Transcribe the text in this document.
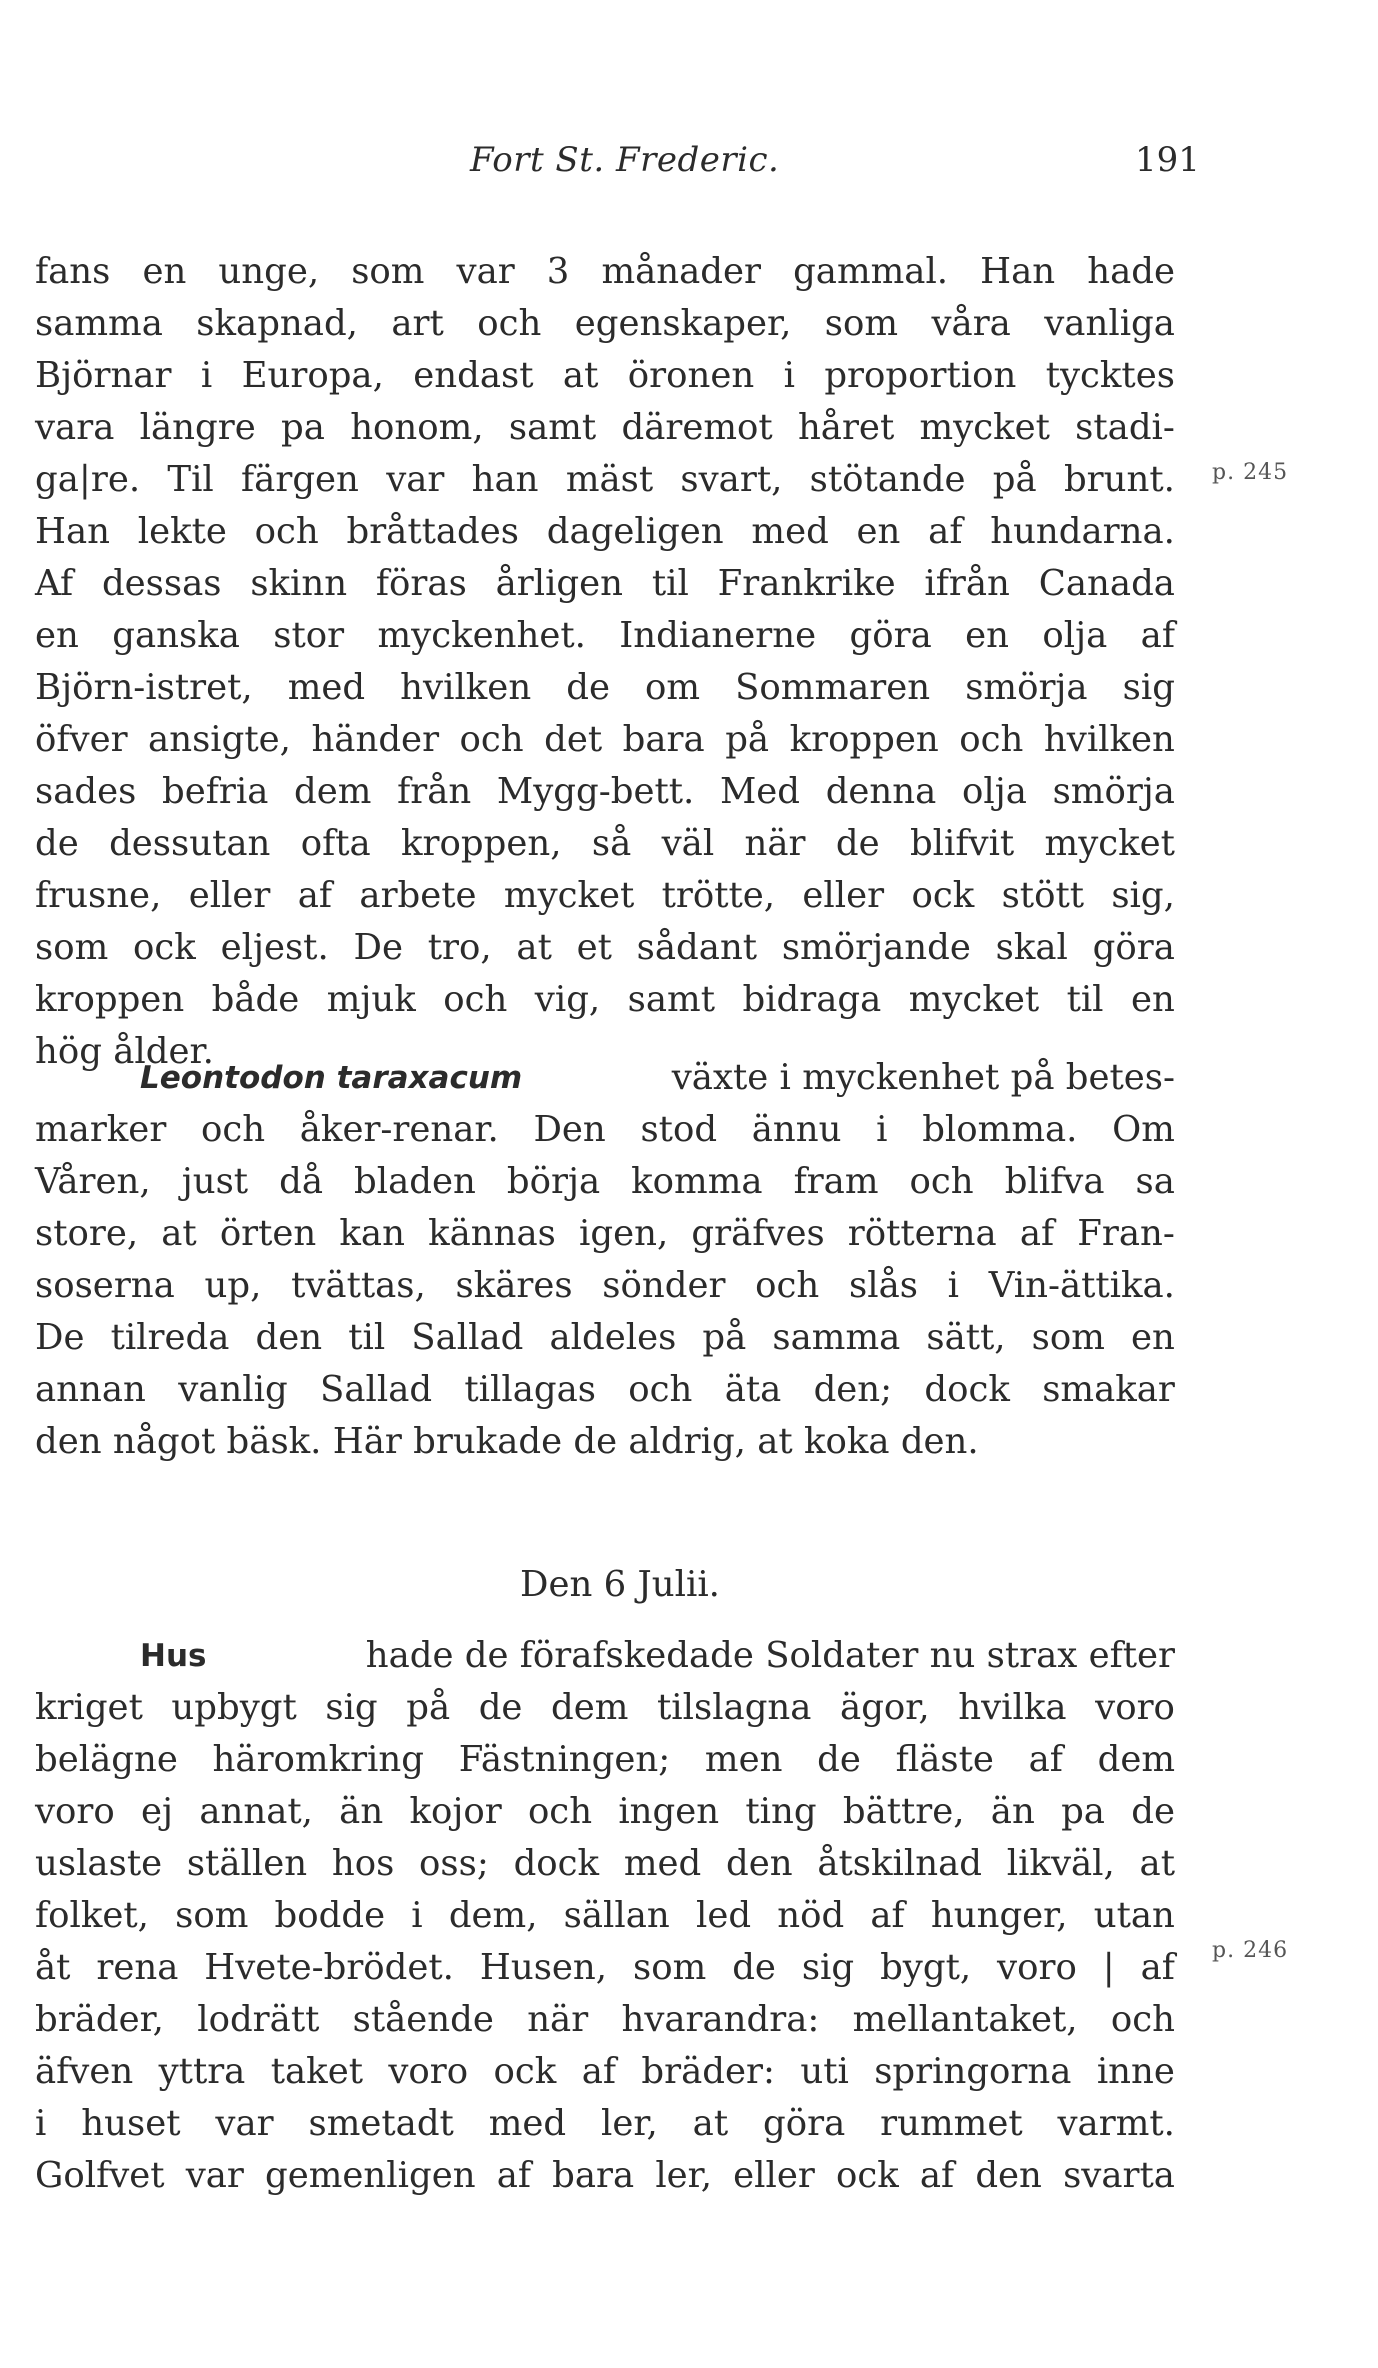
Fort St. Frederic.	191
fans en unge, som var 3 månader gammal. Han hade
samma skapnad, art och egenskaper, som våra vanliga
Björnar i Europa, endast at öronen i proportion tycktes
vara längre pa honom, samt däremot håret mycket stadi-
ga|re. Til färgen var han mäst svart, stötande på brunt.
Han lekte och bråttades dageligen med en af hundarna.
Af dessas skinn föras årligen til Frankrike ifrån Canada
en ganska stor myckenhet. Indianerne göra en olja af
Björn-istret, med hvilken de om Sommaren smörja sig
öfver ansigte, händer och det bara på kroppen och hvilken
sades befria dem från Mygg-bett. Med denna olja smörja
de dessutan ofta kroppen, så väl när de blifvit mycket
frusne, eller af arbete mycket trötte, eller ock stött sig,
som ock eljest. De tro, at et sådant smörjande skal göra
kroppen både mjuk och vig, samt bidraga mycket til en
hög ålder.
Leontodon taraxacum	växte i myckenhet på betes-
marker och åker-renar. Den stod ännu i blomma. Om
Våren, just då bladen börja komma fram och blifva sa
store, at örten kan kännas igen, gräfves rötterna af Fran-
soserna up, tvättas, skäres sönder och slås i Vin-ättika.
De tilreda den til Sallad aldeles på samma sätt, som en
annan vanlig Sallad tillagas och äta den; dock smakar
den något bäsk. Här brukade de aldrig, at koka den.
Den 6 Julii.
Hus	hade de förafskedade Soldater nu strax efter
kriget upbygt sig på de dem tilslagna ägor, hvilka voro
belägne häromkring Fästningen; men de fläste af dem
voro ej annat, än kojor och ingen ting bättre, än pa de
uslaste ställen hos oss; dock med den åtskilnad likväl, at
folket, som bodde i dem, sällan led nöd af hunger, utan
åt rena Hvete-brödet. Husen, som de sig bygt, voro | af
bräder, lodrätt stående när hvarandra: mellantaket, och
äfven yttra taket voro ock af bräder: uti springorna inne
i huset var smetadt med ler, at göra rummet varmt.
Golfvet var gemenligen af bara ler, eller ock af den svarta
p. 245
p. 246
